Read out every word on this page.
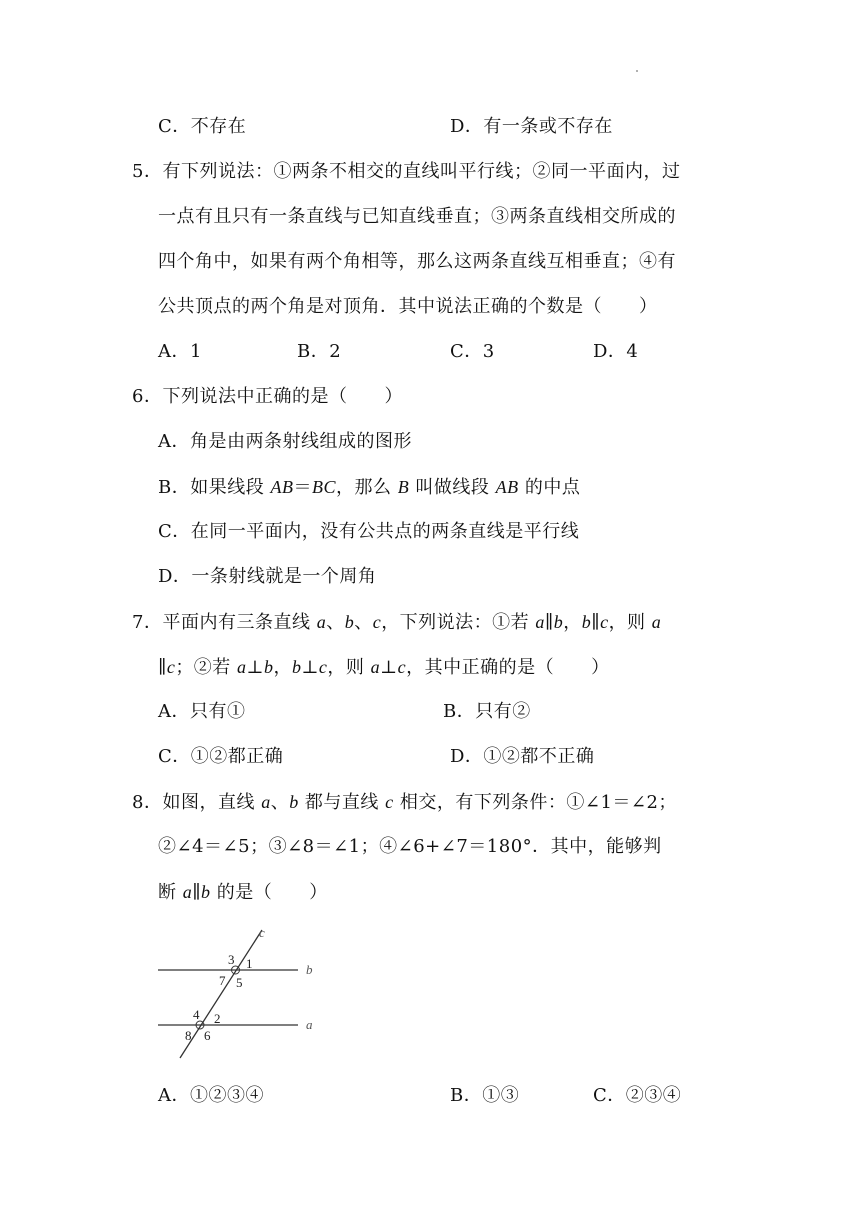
C．不存在	D．有一条或不存在
5．有下列说法：①两条不相交的直线叫平行线；②同一平面内，过
一点有且只有一条直线与已知直线垂直；③两条直线相交所成的
四个角中，如果有两个角相等，那么这两条直线互相垂直；④有
公共顶点的两个角是对顶角．其中说法正确的个数是（　　）
A．1	B．2	C．3	D．4
6．下列说法中正确的是（　　）
A．角是由两条射线组成的图形
B．如果线段 AB＝BC，那么 B 叫做线段 AB 的中点
C．在同一平面内，没有公共点的两条直线是平行线
D．一条射线就是一个周角
7．平面内有三条直线 a、b、c，下列说法：①若 a∥b，b∥c，则 a
∥c；②若 a⊥b，b⊥c，则 a⊥c，其中正确的是（　　）
A．只有①	B．只有②
C．①②都正确	D．①②都不正确
8．如图，直线 a、b 都与直线 c 相交，有下列条件：①∠1＝∠2；
②∠4＝∠5；③∠8＝∠1；④∠6+∠7＝180°．其中，能够判
断 a∥b 的是（　　）
c
b
a
3 1
7 5
4 2
8 6
A．①②③④	B．①③	C．②③④
